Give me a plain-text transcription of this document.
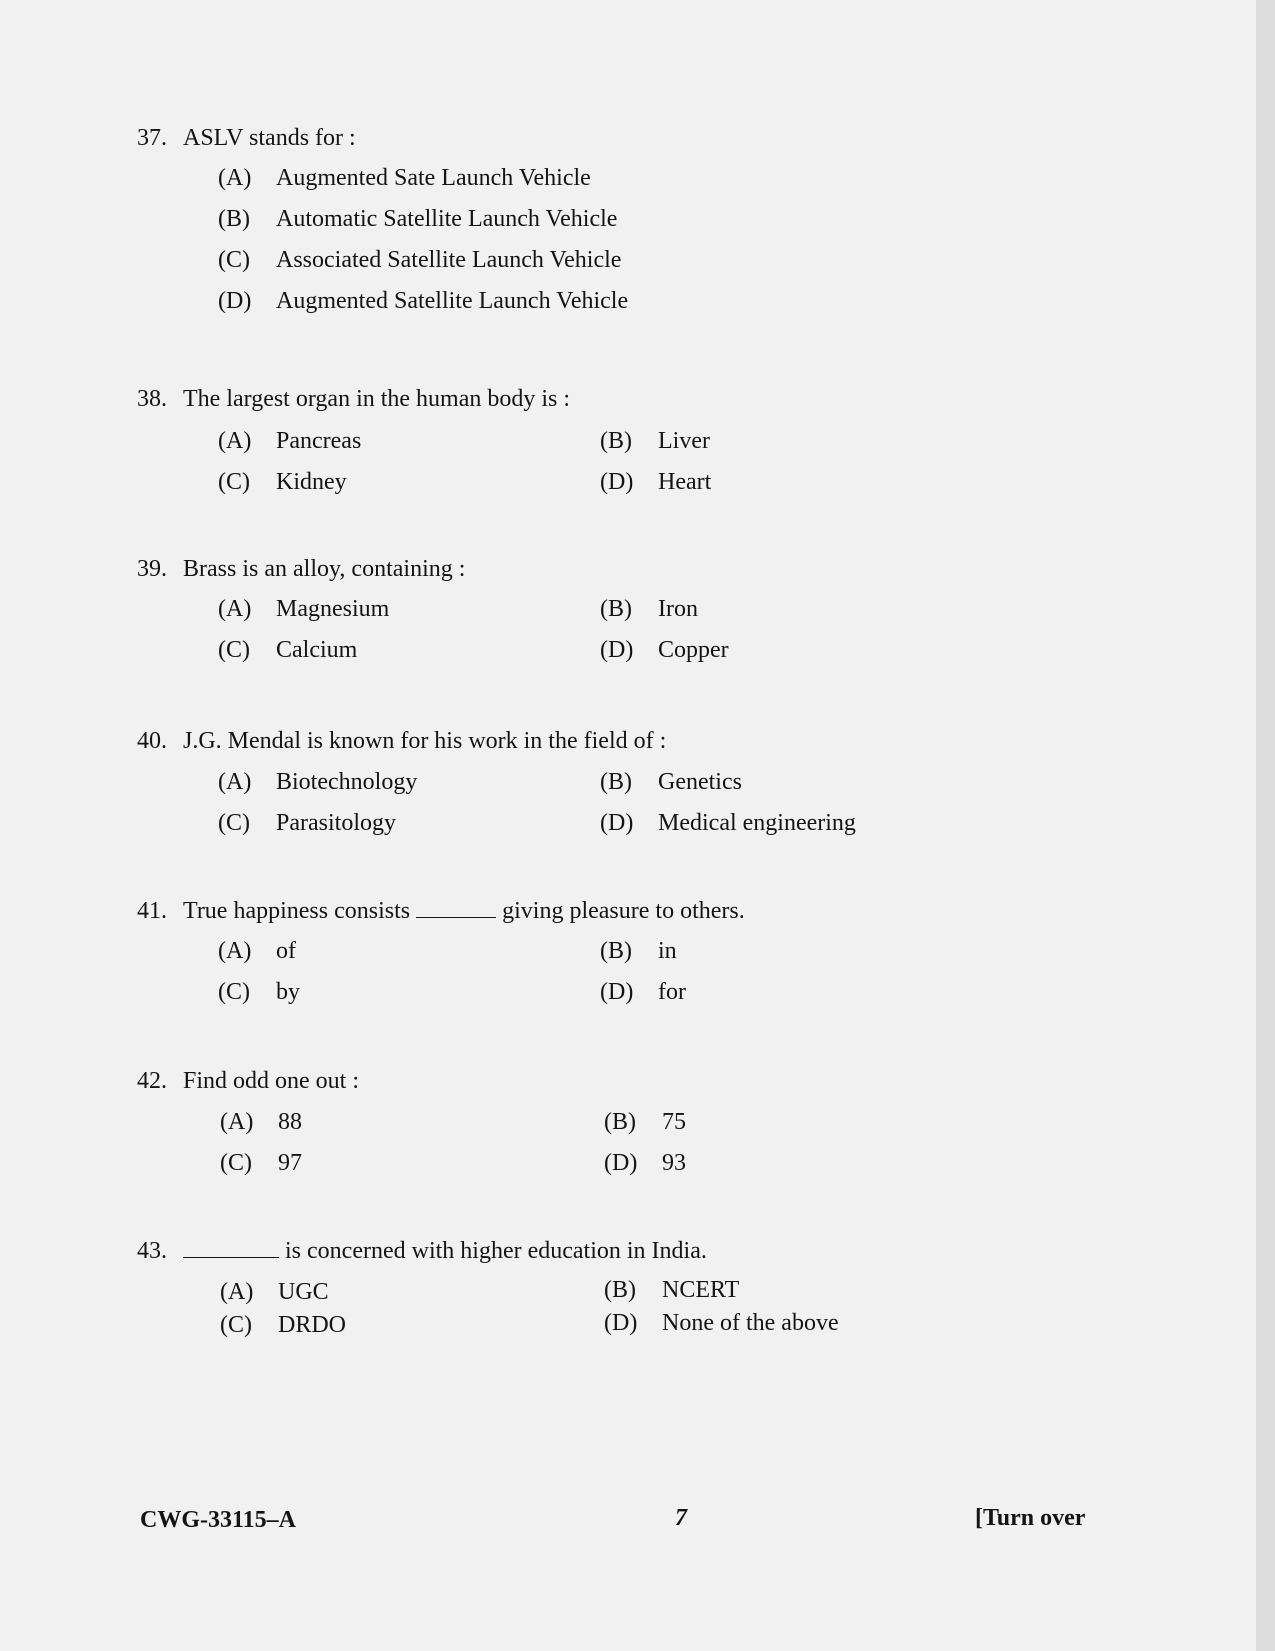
37. ASLV stands for :
(A) Augmented Sate Launch Vehicle
(B) Automatic Satellite Launch Vehicle
(C) Associated Satellite Launch Vehicle
(D) Augmented Satellite Launch Vehicle
38. The largest organ in the human body is :
(A) Pancreas	(B) Liver
(C) Kidney	(D) Heart
39. Brass is an alloy, containing :
(A) Magnesium	(B) Iron
(C) Calcium	(D) Copper
40. J.G. Mendal is known for his work in the field of :
(A) Biotechnology	(B) Genetics
(C) Parasitology	(D) Medical engineering
41. True happiness consists	giving pleasure to others.
(A) of	(B) in
(C) by	(D) for
42. Find odd one out :
(A) 88	(B) 75
(C) 97	(D) 93
43.	is concerned with higher education in India.
(A) UGC	(B) NCERT
(C) DRDO	(D) None of the above
CWG-33115–A	7	[Turn over
